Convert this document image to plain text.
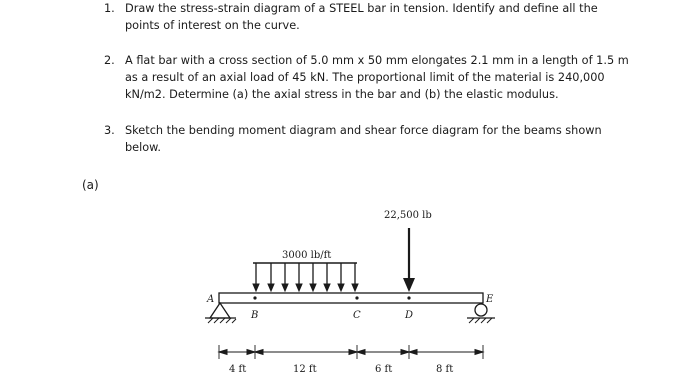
1. Draw the stress-strain diagram of a STEEL bar in tension. Identify and define all the
points of interest on the curve.
2. A flat bar with a cross section of 5.0 mm x 50 mm elongates 2.1 mm in a length of 1.5 m
as a result of an axial load of 45 kN. The proportional limit of the material is 240,000
kN/m2. Determine (a) the axial stress in the bar and (b) the elastic modulus.
3. Sketch the bending moment diagram and shear force diagram for the beams shown
below.
(a)
22,500 lb
3000 lb/ft
A
B	C	D
E
4 ft	12 ft	6 ft	8 ft
